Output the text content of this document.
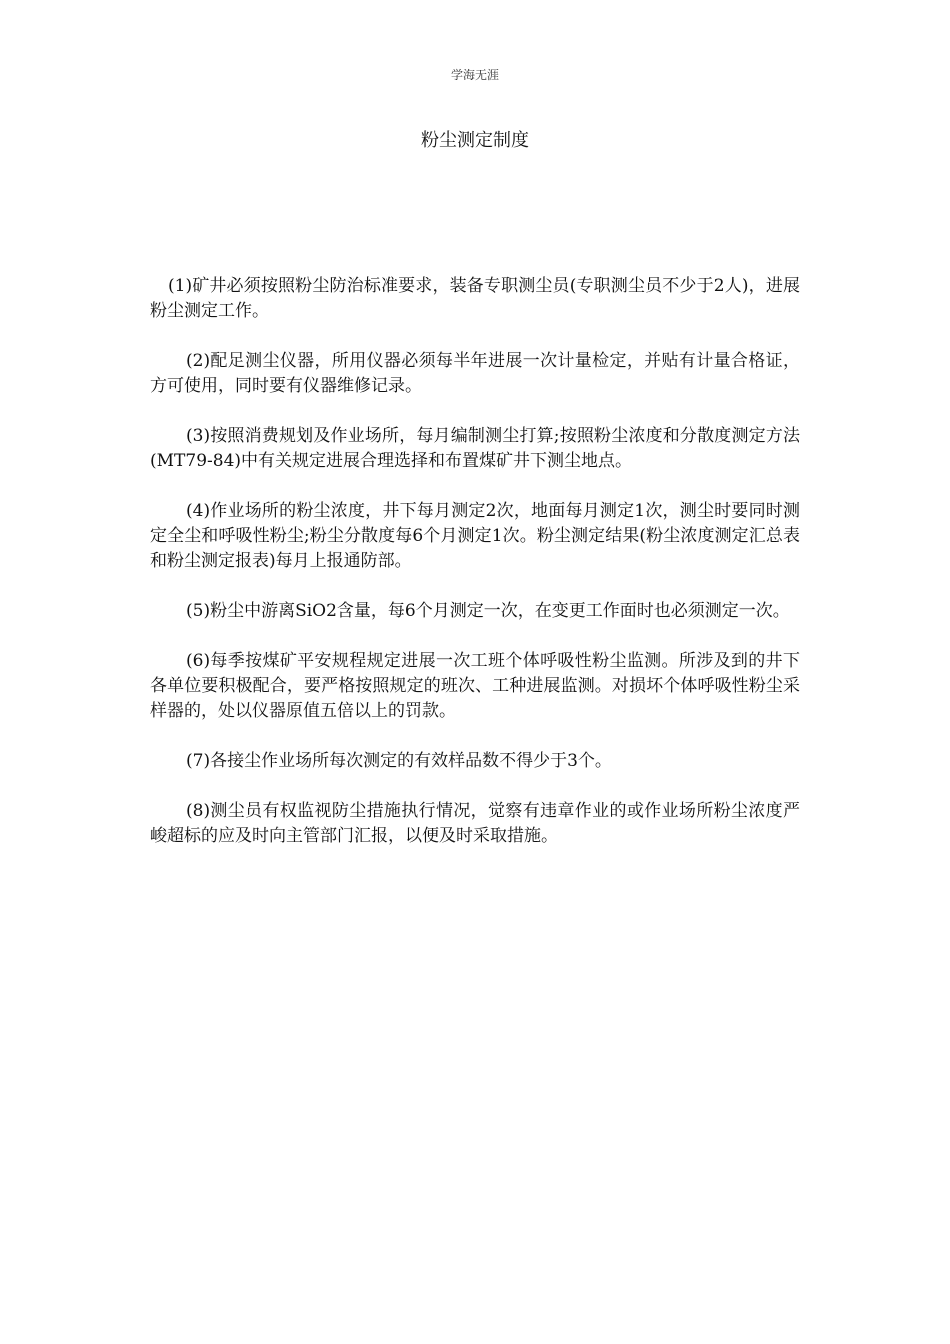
学海无涯
粉尘测定制度

(1)矿井必须按照粉尘防治标准要求，装备专职测尘员(专职测尘员不少于2人)，进展粉尘测定工作。

(2)配足测尘仪器，所用仪器必须每半年进展一次计量检定，并贴有计量合格证，方可使用，同时要有仪器维修记录。

(3)按照消费规划及作业场所，每月编制测尘打算;按照粉尘浓度和分散度测定方法(MT79-84)中有关规定进展合理选择和布置煤矿井下测尘地点。

(4)作业场所的粉尘浓度，井下每月测定2次，地面每月测定1次，测尘时要同时测定全尘和呼吸性粉尘;粉尘分散度每6个月测定1次。粉尘测定结果(粉尘浓度测定汇总表和粉尘测定报表)每月上报通防部。

(5)粉尘中游离SiO2含量，每6个月测定一次，在变更工作面时也必须测定一次。

(6)每季按煤矿平安规程规定进展一次工班个体呼吸性粉尘监测。所涉及到的井下各单位要积极配合，要严格按照规定的班次、工种进展监测。对损坏个体呼吸性粉尘采样器的，处以仪器原值五倍以上的罚款。

(7)各接尘作业场所每次测定的有效样品数不得少于3个。

(8)测尘员有权监视防尘措施执行情况，觉察有违章作业的或作业场所粉尘浓度严峻超标的应及时向主管部门汇报，以便及时采取措施。
